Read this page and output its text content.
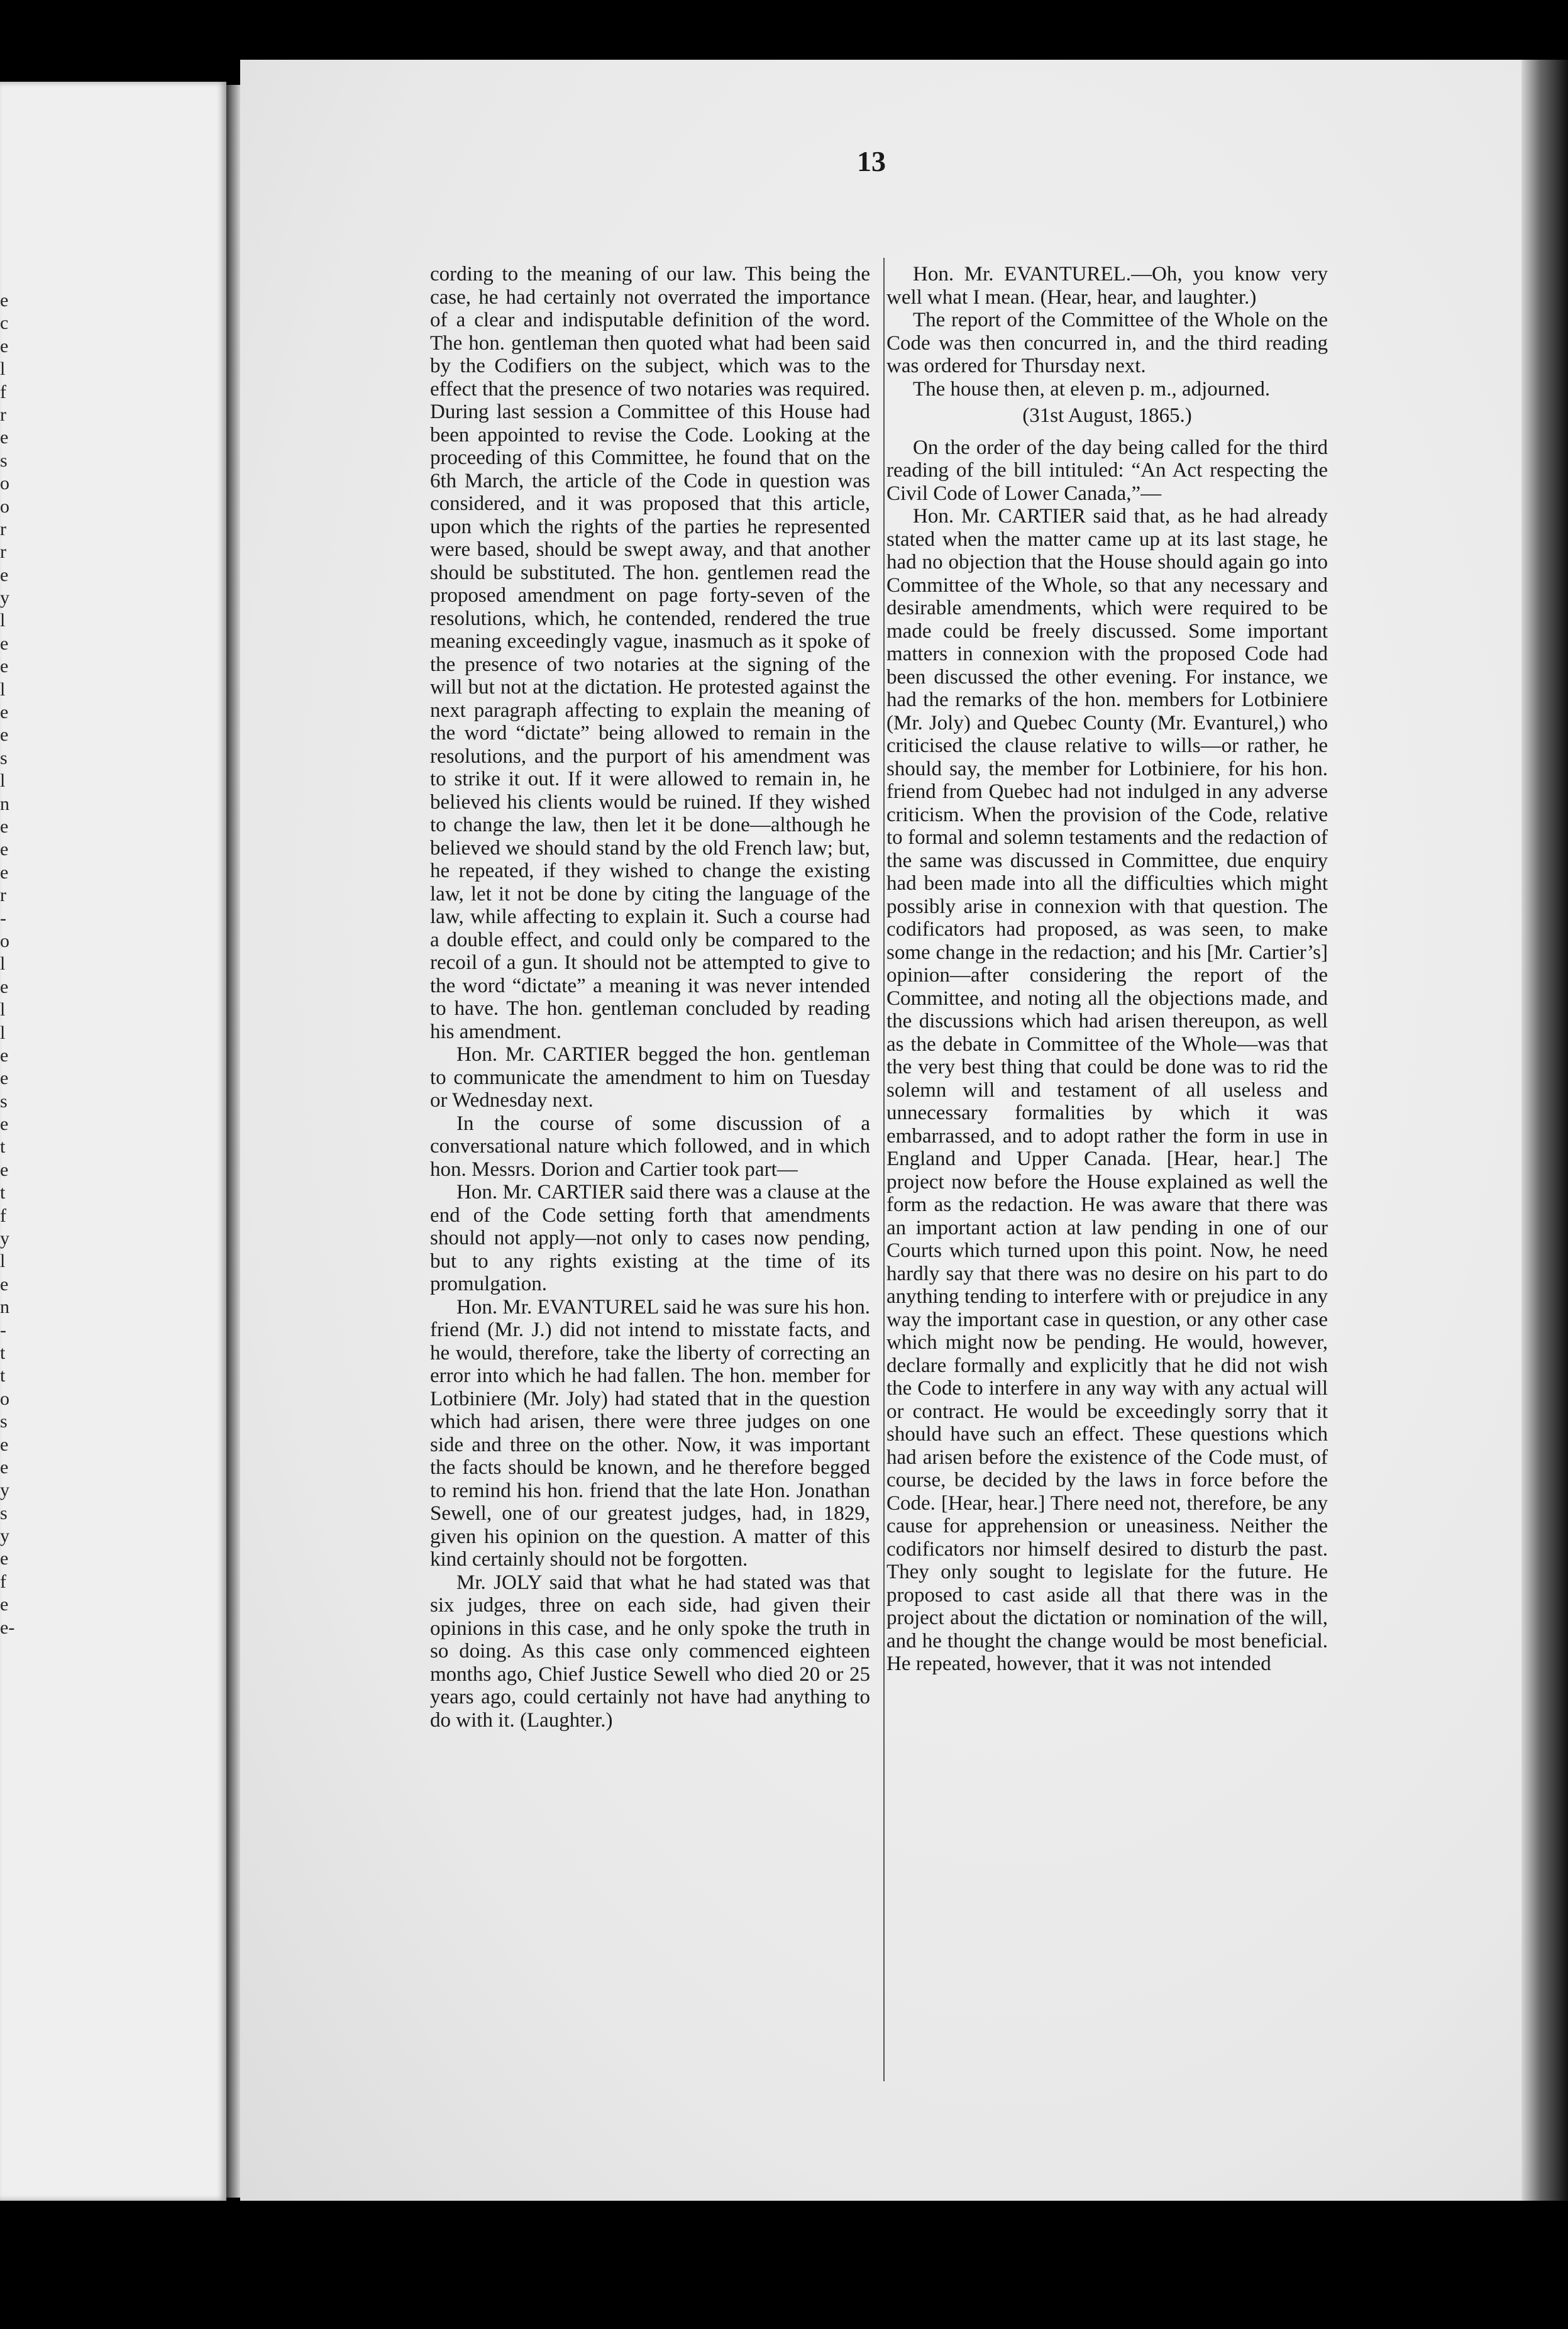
e
c
e
l
f
r
e
s
o
o
r
r
e
y
l
e
e
l
e
e
s
l
n
e
e
e
r
-
o
l
e
l
l
e
e
s
e
t
e
t
f
y
l
e
n
-
t
t
o
s
e
e
y
s
y
e
f
e
e-
13

cording to the meaning of our law. This being the case, he had certainly not overrated the importance of a clear and indisputable definition of the word. The hon. gentleman then quoted what had been said by the Codifiers on the subject, which was to the effect that the presence of two notaries was required. During last session a Committee of this House had been appointed to revise the Code. Looking at the proceeding of this Committee, he found that on the 6th March, the article of the Code in question was considered, and it was proposed that this article, upon which the rights of the parties he represented were based, should be swept away, and that another should be substituted. The hon. gentlemen read the proposed amendment on page forty-seven of the resolutions, which, he contended, rendered the true meaning exceedingly vague, inasmuch as it spoke of the presence of two notaries at the signing of the will but not at the dictation. He protested against the next paragraph affecting to explain the meaning of the word “dictate” being allowed to remain in the resolutions, and the purport of his amendment was to strike it out. If it were allowed to remain in, he believed his clients would be ruined. If they wished to change the law, then let it be done—although he believed we should stand by the old French law; but, he repeated, if they wished to change the existing law, let it not be done by citing the language of the law, while affecting to explain it. Such a course had a double effect, and could only be compared to the recoil of a gun. It should not be attempted to give to the word “dictate” a meaning it was never intended to have. The hon. gentleman concluded by reading his amendment.

Hon. Mr. CARTIER begged the hon. gentleman to communicate the amendment to him on Tuesday or Wednesday next.

In the course of some discussion of a conversational nature which followed, and in which hon. Messrs. Dorion and Cartier took part—

Hon. Mr. CARTIER said there was a clause at the end of the Code setting forth that amendments should not apply—not only to cases now pending, but to any rights existing at the time of its promulgation.

Hon. Mr. EVANTUREL said he was sure his hon. friend (Mr. J.) did not intend to misstate facts, and he would, therefore, take the liberty of correcting an error into which he had fallen. The hon. member for Lotbiniere (Mr. Joly) had stated that in the question which had arisen, there were three judges on one side and three on the other. Now, it was important the facts should be known, and he therefore begged to remind his hon. friend that the late Hon. Jonathan Sewell, one of our greatest judges, had, in 1829, given his opinion on the question. A matter of this kind certainly should not be forgotten.

Mr. JOLY said that what he had stated was that six judges, three on each side, had given their opinions in this case, and he only spoke the truth in so doing. As this case only commenced eighteen months ago, Chief Justice Sewell who died 20 or 25 years ago, could certainly not have had anything to do with it. (Laughter.)

Hon. Mr. EVANTUREL.—Oh, you know very well what I mean. (Hear, hear, and laughter.)

The report of the Committee of the Whole on the Code was then concurred in, and the third reading was ordered for Thursday next.

The house then, at eleven p. m., adjourned.

(31st August, 1865.)

On the order of the day being called for the third reading of the bill intituled: “An Act respecting the Civil Code of Lower Canada,”—

Hon. Mr. CARTIER said that, as he had already stated when the matter came up at its last stage, he had no objection that the House should again go into Committee of the Whole, so that any necessary and desirable amendments, which were required to be made could be freely discussed. Some important matters in connexion with the proposed Code had been discussed the other evening. For instance, we had the remarks of the hon. members for Lotbiniere (Mr. Joly) and Quebec County (Mr. Evanturel,) who criticised the clause relative to wills—or rather, he should say, the member for Lotbiniere, for his hon. friend from Quebec had not indulged in any adverse criticism. When the provision of the Code, relative to formal and solemn testaments and the redaction of the same was discussed in Committee, due enquiry had been made into all the difficulties which might possibly arise in connexion with that question. The codificators had proposed, as was seen, to make some change in the redaction; and his [Mr. Cartier’s] opinion—after considering the report of the Committee, and noting all the objections made, and the discussions which had arisen thereupon, as well as the debate in Committee of the Whole—was that the very best thing that could be done was to rid the solemn will and testament of all useless and unnecessary formalities by which it was embarrassed, and to adopt rather the form in use in England and Upper Canada. [Hear, hear.] The project now before the House explained as well the form as the redaction. He was aware that there was an important action at law pending in one of our Courts which turned upon this point. Now, he need hardly say that there was no desire on his part to do anything tending to interfere with or prejudice in any way the important case in question, or any other case which might now be pending. He would, however, declare formally and explicitly that he did not wish the Code to interfere in any way with any actual will or contract. He would be exceedingly sorry that it should have such an effect. These questions which had arisen before the existence of the Code must, of course, be decided by the laws in force before the Code. [Hear, hear.] There need not, therefore, be any cause for apprehension or uneasiness. Neither the codificators nor himself desired to disturb the past. They only sought to legislate for the future. He proposed to cast aside all that there was in the project about the dictation or nomination of the will, and he thought the change would be most beneficial. He repeated, however, that it was not intended
